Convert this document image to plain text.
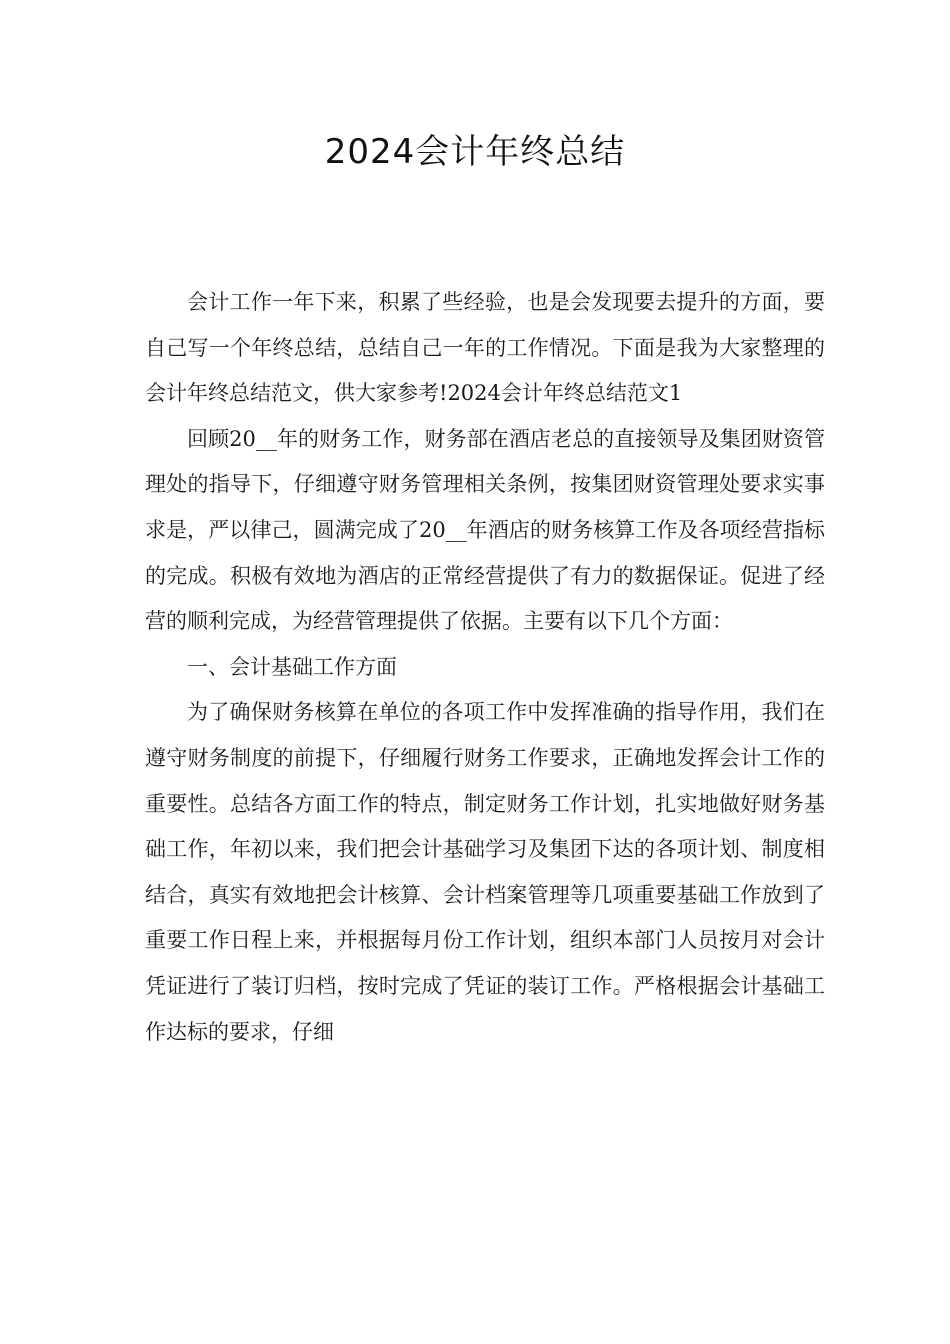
2024会计年终总结

会计工作一年下来，积累了些经验，也是会发现要去提升的方面，要自己写一个年终总结，总结自己一年的工作情况。下面是我为大家整理的会计年终总结范文，供大家参考!2024会计年终总结范文1

回顾20__年的财务工作，财务部在酒店老总的直接领导及集团财资管理处的指导下，仔细遵守财务管理相关条例，按集团财资管理处要求实事求是，严以律己，圆满完成了20__年酒店的财务核算工作及各项经营指标的完成。积极有效地为酒店的正常经营提供了有力的数据保证。促进了经营的顺利完成，为经营管理提供了依据。主要有以下几个方面：

一、会计基础工作方面

为了确保财务核算在单位的各项工作中发挥准确的指导作用，我们在遵守财务制度的前提下，仔细履行财务工作要求，正确地发挥会计工作的重要性。总结各方面工作的特点，制定财务工作计划，扎实地做好财务基础工作，年初以来，我们把会计基础学习及集团下达的各项计划、制度相结合，真实有效地把会计核算、会计档案管理等几项重要基础工作放到了重要工作日程上来，并根据每月份工作计划，组织本部门人员按月对会计凭证进行了装订归档，按时完成了凭证的装订工作。严格根据会计基础工作达标的要求，仔细
